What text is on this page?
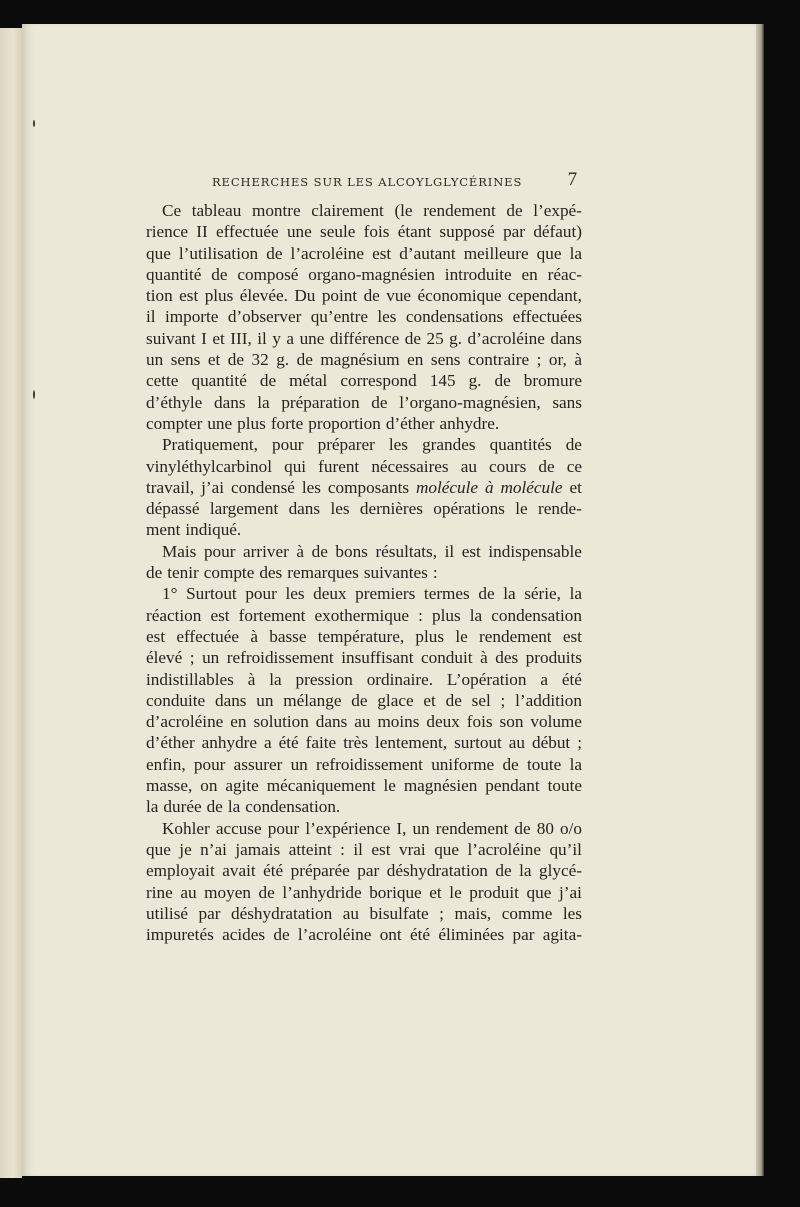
RECHERCHES SUR LES ALCOYLGLYCÉRINES 7
Ce tableau montre clairement (le rendement de l’expé-
rience II effectuée une seule fois étant supposé par défaut)
que l’utilisation de l’acroléine est d’autant meilleure que la
quantité de composé organo-magnésien introduite en réac-
tion est plus élevée. Du point de vue économique cependant,
il importe d’observer qu’entre les condensations effectuées
suivant I et III, il y a une différence de 25 g. d’acroléine dans
un sens et de 32 g. de magnésium en sens contraire ; or, à
cette quantité de métal correspond 145 g. de bromure
d’éthyle dans la préparation de l’organo-magnésien, sans
compter une plus forte proportion d’éther anhydre.
Pratiquement, pour préparer les grandes quantités de
vinyléthylcarbinol qui furent nécessaires au cours de ce
travail, j’ai condensé les composants molécule à molécule et
dépassé largement dans les dernières opérations le rende-
ment indiqué.
Mais pour arriver à de bons résultats, il est indispensable
de tenir compte des remarques suivantes :
1° Surtout pour les deux premiers termes de la série, la
réaction est fortement exothermique : plus la condensation
est effectuée à basse température, plus le rendement est
élevé ; un refroidissement insuffisant conduit à des produits
indistillables à la pression ordinaire. L’opération a été
conduite dans un mélange de glace et de sel ; l’addition
d’acroléine en solution dans au moins deux fois son volume
d’éther anhydre a été faite très lentement, surtout au début ;
enfin, pour assurer un refroidissement uniforme de toute la
masse, on agite mécaniquement le magnésien pendant toute
la durée de la condensation.
Kohler accuse pour l’expérience I, un rendement de 80 o/o
que je n’ai jamais atteint : il est vrai que l’acroléine qu’il
employait avait été préparée par déshydratation de la glycé-
rine au moyen de l’anhydride borique et le produit que j’ai
utilisé par déshydratation au bisulfate ; mais, comme les
impuretés acides de l’acroléine ont été éliminées par agita-
